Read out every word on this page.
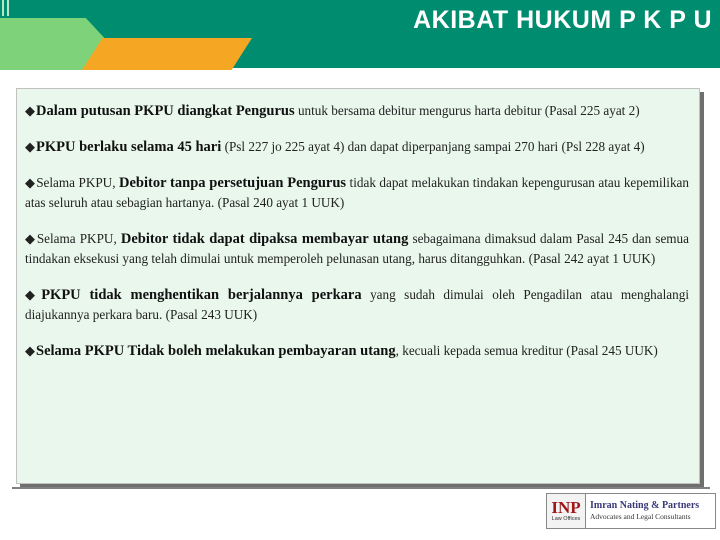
AKIBAT HUKUM P K P U
◆Dalam putusan PKPU diangkat Pengurus untuk bersama debitur mengurus harta debitur (Pasal 225 ayat 2)
◆PKPU berlaku selama 45 hari (Psl 227 jo 225 ayat 4) dan dapat diperpanjang sampai 270 hari (Psl 228 ayat 4)
◆Selama PKPU, Debitor tanpa persetujuan Pengurus tidak dapat melakukan tindakan kepengurusan atau kepemilikan atas seluruh atau sebagian hartanya. (Pasal 240 ayat 1 UUK)
◆Selama PKPU, Debitor tidak dapat dipaksa membayar utang sebagaimana dimaksud dalam Pasal 245 dan semua tindakan eksekusi yang telah dimulai untuk memperoleh pelunasan utang, harus ditangguhkan. (Pasal 242 ayat 1 UUK)
◆PKPU tidak menghentikan berjalannya perkara yang sudah dimulai oleh Pengadilan atau menghalangi diajukannya perkara baru. (Pasal 243 UUK)
◆Selama PKPU Tidak boleh melakukan pembayaran utang, kecuali kepada semua kreditur (Pasal 245 UUK)
INP
Law Offices
Imran Nating & Partners
Advocates and Legal Consultants
